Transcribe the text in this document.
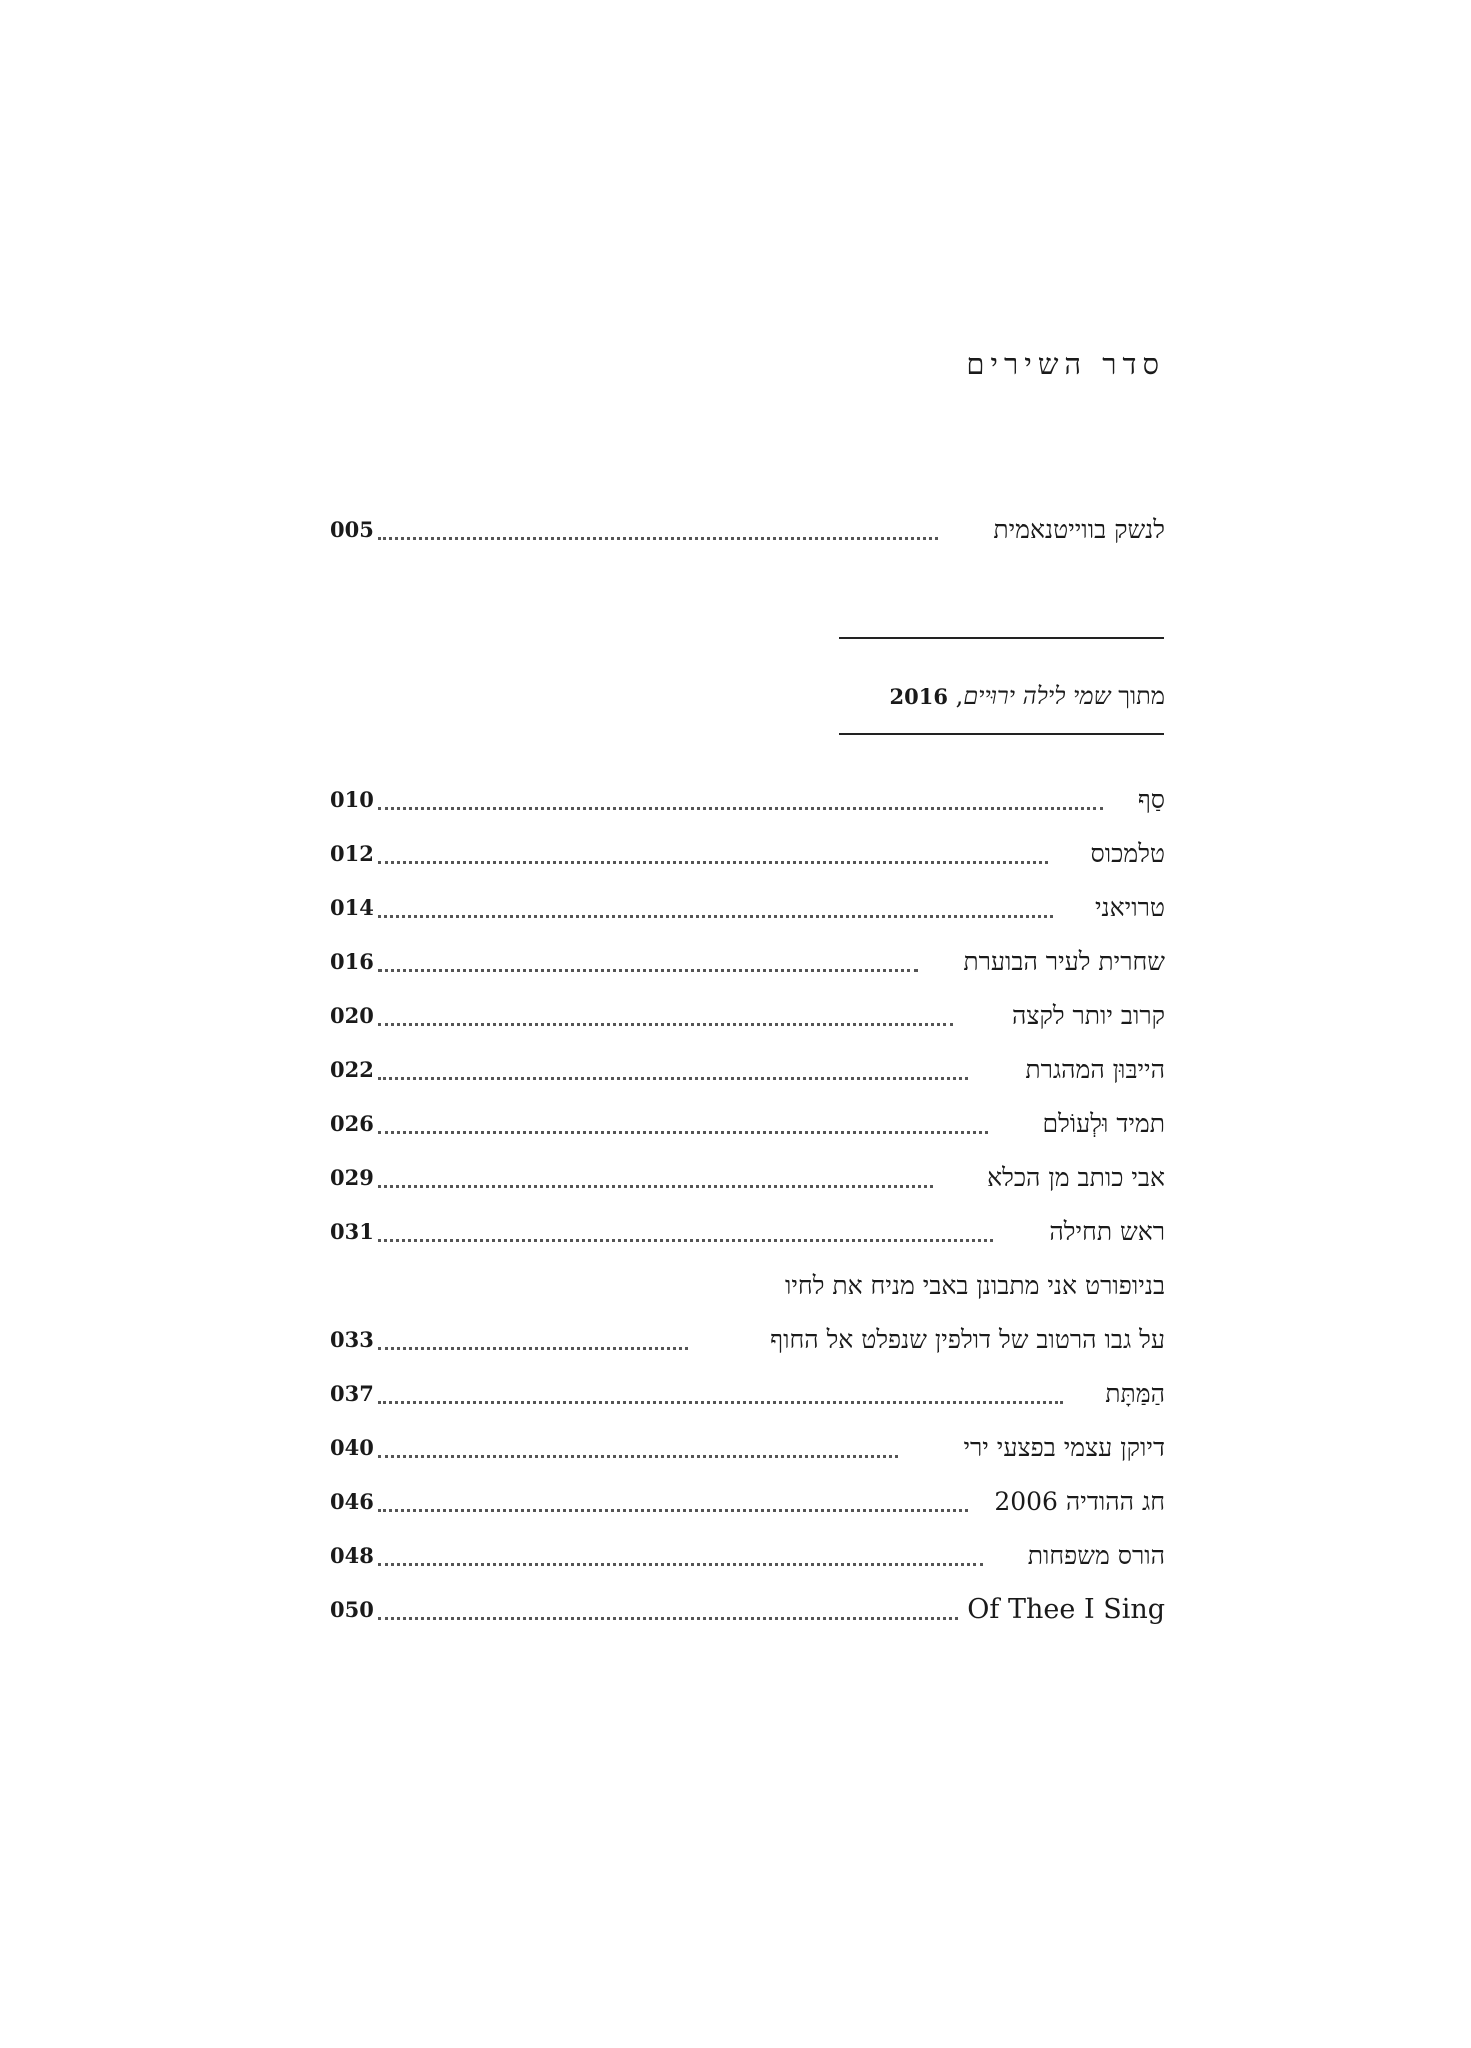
סדר השירים
לנשק בווייטנאמית
005
מתוך שמי לילה ירוּיים, 2016
סַף
010
טלמכוס
012
טרויאני
014
שחרית לעיר הבוערת
016
קרוב יותר לקצה
020
הייבּוּן המהגרת
022
תמיד וּלְעוֹלם
026
אבי כותב מן הכלא
029
ראש תחילה
031
בניופורט אני מתבונן באבי מניח את לחיו
על גבו הרטוב של דולפין שנפלט אל החוף
033
הַמַּתָּת
037
דיוקן עצמי בפצעי ירי
040
חג ההודיה 2006
046
הורס משפחות
048
Of Thee I Sing
050
